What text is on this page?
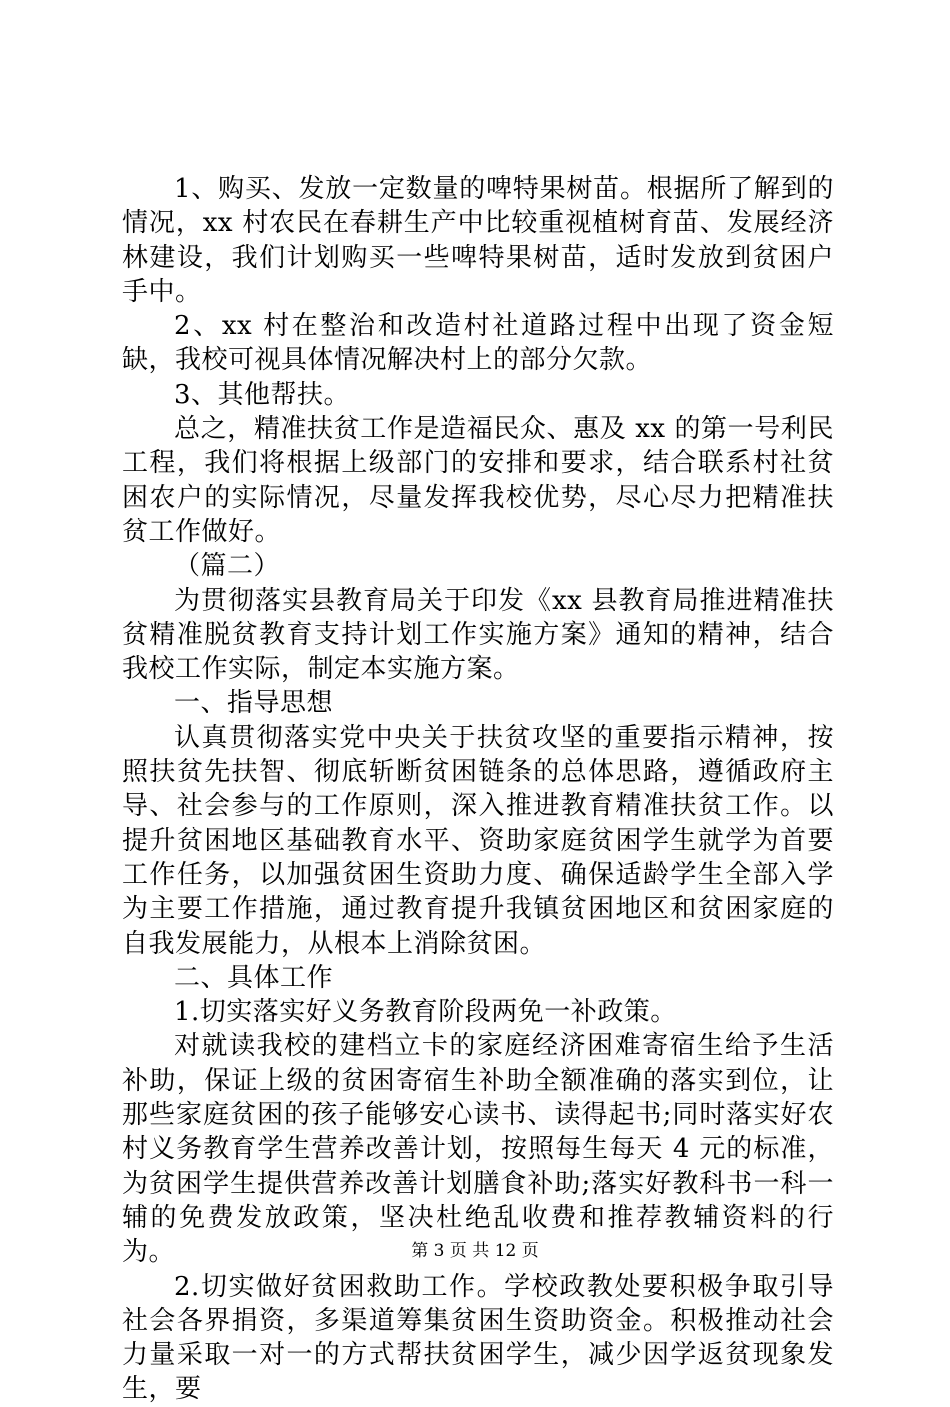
1、购买、发放一定数量的啤特果树苗。根据所了解到的情况，xx 村农民在春耕生产中比较重视植树育苗、发展经济林建设，我们计划购买一些啤特果树苗，适时发放到贫困户手中。

2、xx 村在整治和改造村社道路过程中出现了资金短缺，我校可视具体情况解决村上的部分欠款。

3、其他帮扶。

总之，精准扶贫工作是造福民众、惠及 xx 的第一号利民工程，我们将根据上级部门的安排和要求，结合联系村社贫困农户的实际情况，尽量发挥我校优势，尽心尽力把精准扶贫工作做好。

（篇二）

为贯彻落实县教育局关于印发《xx 县教育局推进精准扶贫精准脱贫教育支持计划工作实施方案》通知的精神，结合我校工作实际，制定本实施方案。

一、指导思想

认真贯彻落实党中央关于扶贫攻坚的重要指示精神，按照扶贫先扶智、彻底斩断贫困链条的总体思路，遵循政府主导、社会参与的工作原则，深入推进教育精准扶贫工作。以提升贫困地区基础教育水平、资助家庭贫困学生就学为首要工作任务，以加强贫困生资助力度、确保适龄学生全部入学为主要工作措施，通过教育提升我镇贫困地区和贫困家庭的自我发展能力，从根本上消除贫困。

二、具体工作

1.切实落实好义务教育阶段两免一补政策。

对就读我校的建档立卡的家庭经济困难寄宿生给予生活补助，保证上级的贫困寄宿生补助全额准确的落实到位，让那些家庭贫困的孩子能够安心读书、读得起书;同时落实好农村义务教育学生营养改善计划，按照每生每天 4 元的标准，为贫困学生提供营养改善计划膳食补助;落实好教科书一科一辅的免费发放政策，坚决杜绝乱收费和推荐教辅资料的行为。

2.切实做好贫困救助工作。学校政教处要积极争取引导社会各界捐资，多渠道筹集贫困生资助资金。积极推动社会力量采取一对一的方式帮扶贫困学生，减少因学返贫现象发生，要

第 3 页 共 12 页
